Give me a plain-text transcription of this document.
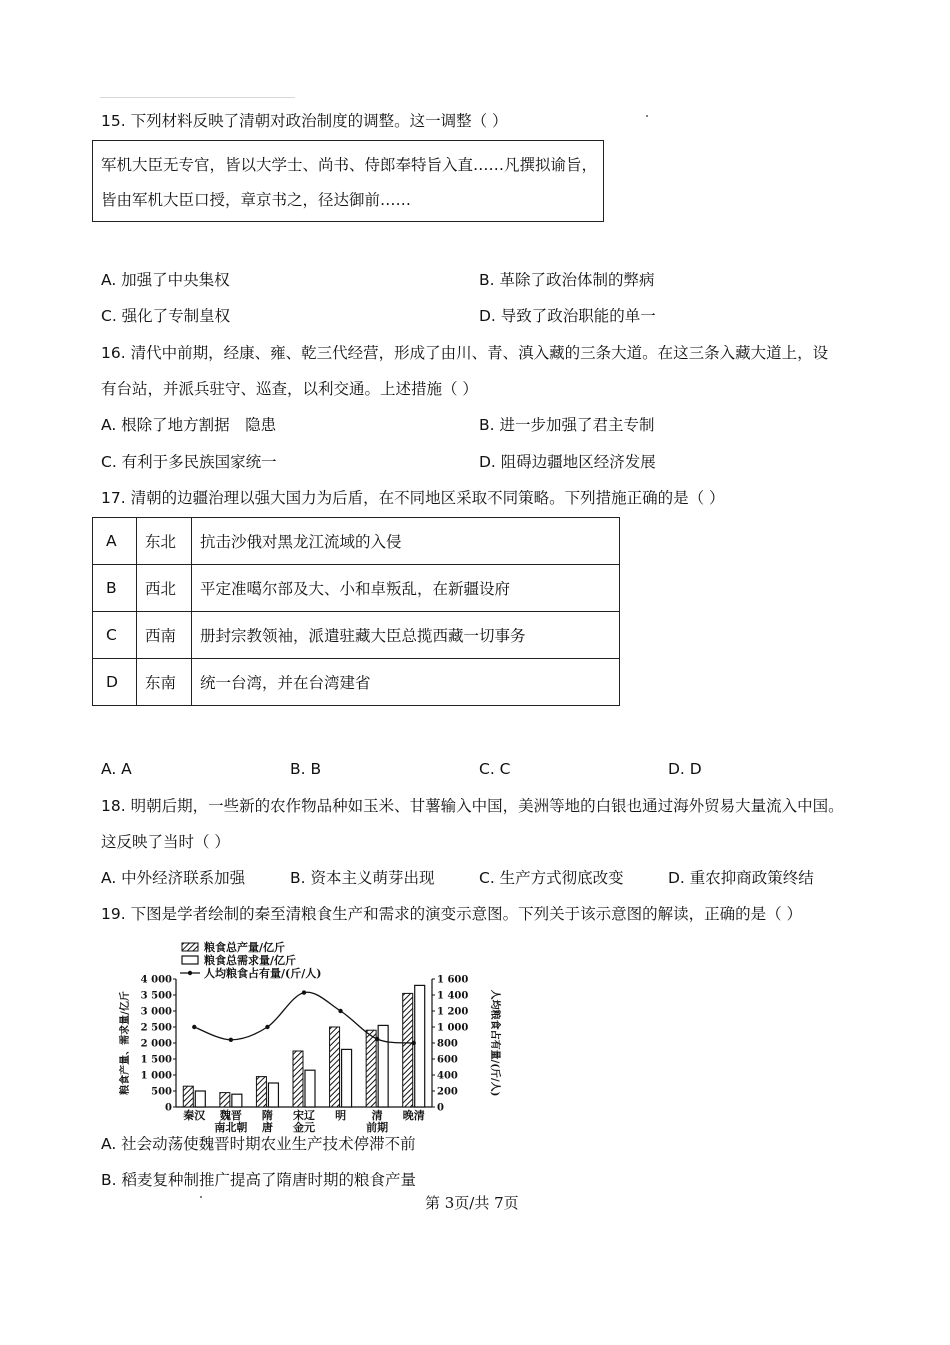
15. 下列材料反映了清朝对政治制度的调整。这一调整（ ）
军机大臣无专官，皆以大学士、尚书、侍郎奉特旨入直……凡撰拟谕旨，
皆由军机大臣口授，章京书之，径达御前……
A. 加强了中央集权	B. 革除了政治体制的弊病
C. 强化了专制皇权	D. 导致了政治职能的单一
16. 清代中前期，经康、雍、乾三代经营，形成了由川、青、滇入藏的三条大道。在这三条入藏大道上，设
有台站，并派兵驻守、巡查，以利交通。上述措施（ ）
A. 根除了地方割据　隐患	B. 进一步加强了君主专制
C. 有利于多民族国家统一	D. 阻碍边疆地区经济发展
17. 清朝的边疆治理以强大国力为后盾，在不同地区采取不同策略。下列措施正确的是（ ）
A	东北	抗击沙俄对黑龙江流域的入侵
B	西北	平定准噶尔部及大、小和卓叛乱，在新疆设府
C	西南	册封宗教领袖，派遣驻藏大臣总揽西藏一切事务
D	东南	统一台湾，并在台湾建省
A. A	B. B	C. C	D. D
18. 明朝后期，一些新的农作物品种如玉米、甘薯输入中国，美洲等地的白银也通过海外贸易大量流入中国。
这反映了当时（ ）
A. 中外经济联系加强	B. 资本主义萌芽出现	C. 生产方式彻底改变	D. 重农抑商政策终结
19. 下图是学者绘制的秦至清粮食生产和需求的演变示意图。下列关于该示意图的解读，正确的是（ ）
0
500
1 000
1 500
2 000
2 500
3 000
3 500
4 000
0
200
400
600
800
1 000
1 200
1 400
1 600
粮食产量、需求量/亿斤	人均粮食占有量/(斤/人)
秦汉 魏晋
南北朝
隋
唐
宋辽
金元
明 清
前期
晚清
粮食总产量/亿斤
粮食总需求量/亿斤
人均粮食占有量/(斤/人)
A. 社会动荡使魏晋时期农业生产技术停滞不前
B. 稻麦复种制推广提高了隋唐时期的粮食产量
第 3页/共 7页
